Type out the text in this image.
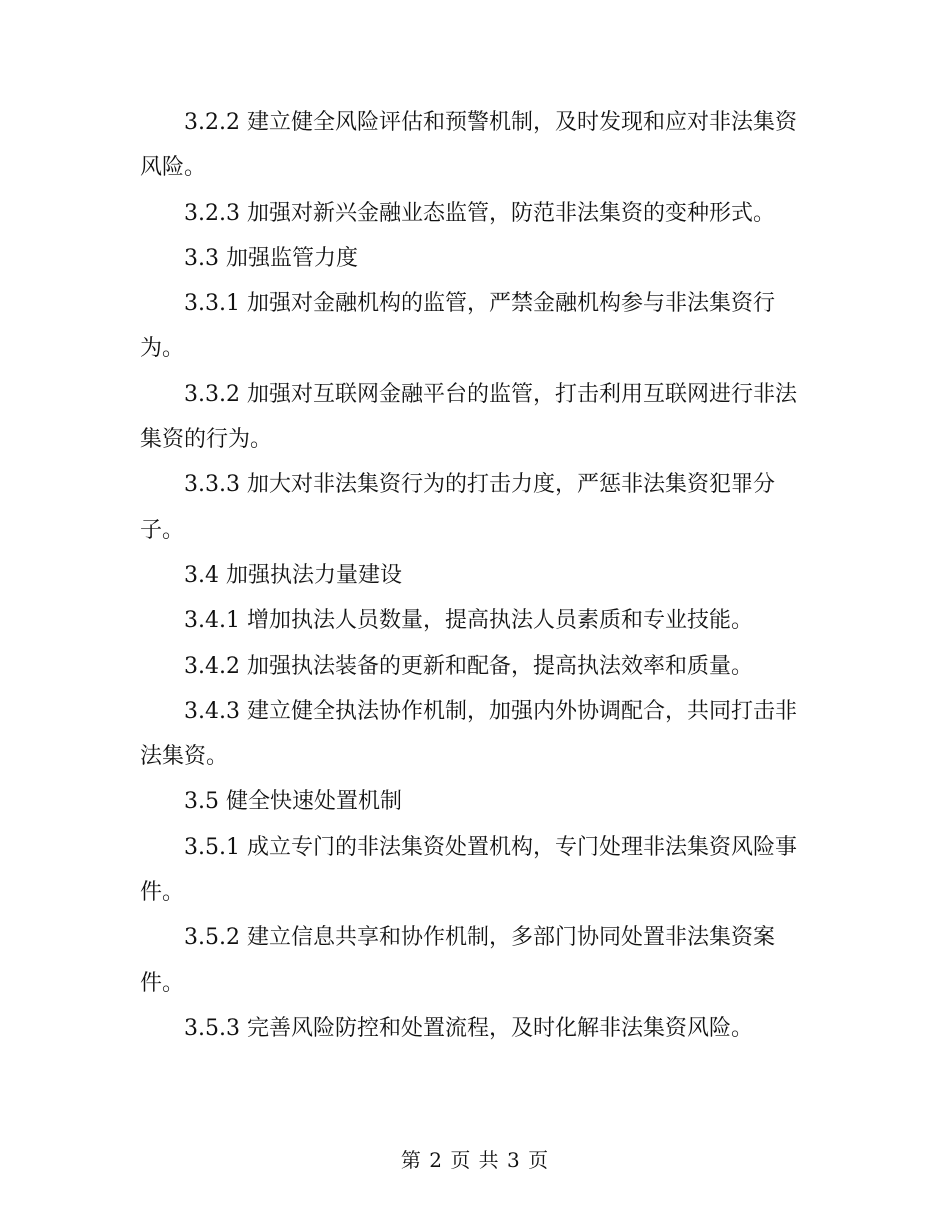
3.2.2 建立健全风险评估和预警机制，及时发现和应对非法集资风险。

3.2.3 加强对新兴金融业态监管，防范非法集资的变种形式。

3.3 加强监管力度

3.3.1 加强对金融机构的监管，严禁金融机构参与非法集资行为。

3.3.2 加强对互联网金融平台的监管，打击利用互联网进行非法集资的行为。

3.3.3 加大对非法集资行为的打击力度，严惩非法集资犯罪分子。

3.4 加强执法力量建设

3.4.1 增加执法人员数量，提高执法人员素质和专业技能。

3.4.2 加强执法装备的更新和配备，提高执法效率和质量。

3.4.3 建立健全执法协作机制，加强内外协调配合，共同打击非法集资。

3.5 健全快速处置机制

3.5.1 成立专门的非法集资处置机构，专门处理非法集资风险事件。

3.5.2 建立信息共享和协作机制，多部门协同处置非法集资案件。

3.5.3 完善风险防控和处置流程，及时化解非法集资风险。

第 2 页 共 3 页
